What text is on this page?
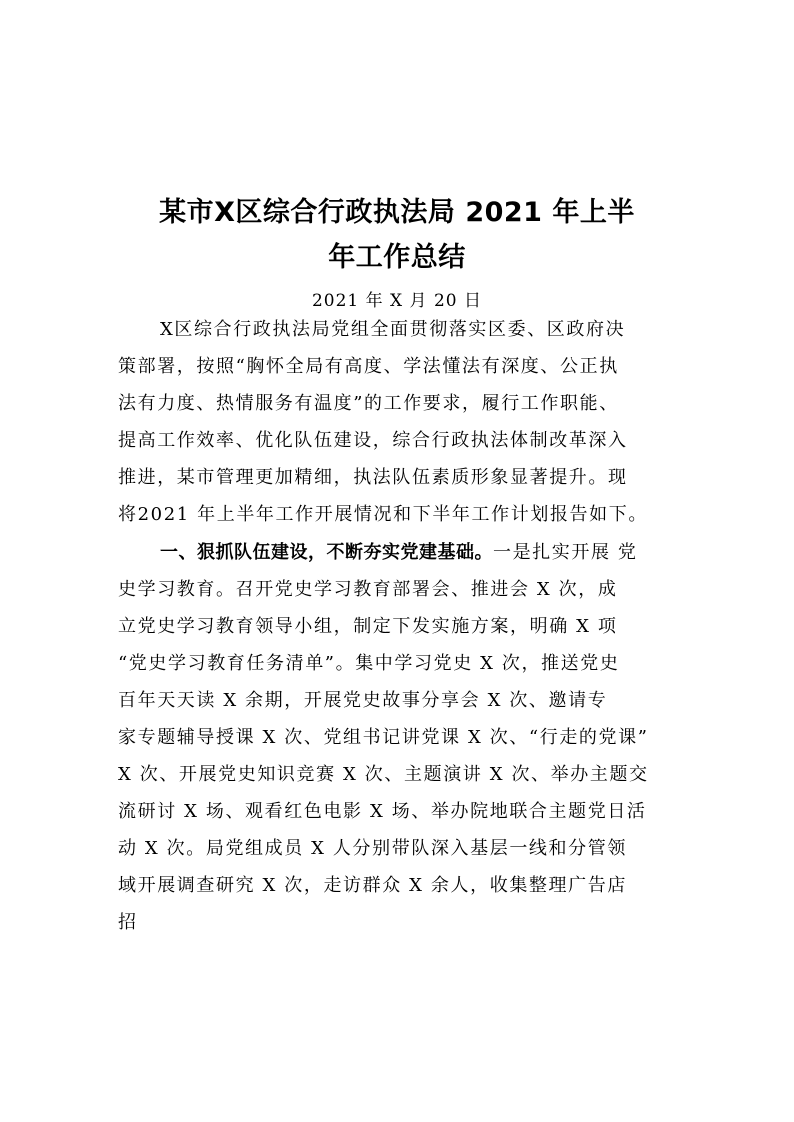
某市X区综合行政执法局 2021 年上半
年工作总结
2021 年 X 月 20 日
X区综合行政执法局党组全面贯彻落实区委、区政府决
策部署，按照“胸怀全局有高度、学法懂法有深度、公正执
法有力度、热情服务有温度”的工作要求，履行工作职能、
提高工作效率、优化队伍建设，综合行政执法体制改革深入
推进，某市管理更加精细，执法队伍素质形象显著提升。现
将2021 年上半年工作开展情况和下半年工作计划报告如下。
一、狠抓队伍建设，不断夯实党建基础。一是扎实开展 党
史学习教育。召开党史学习教育部署会、推进会 X 次，成
立党史学习教育领导小组，制定下发实施方案，明确 X 项
“党史学习教育任务清单”。集中学习党史 X 次，推送党史
百年天天读 X 余期，开展党史故事分享会 X 次、邀请专
家专题辅导授课 X 次、党组书记讲党课 X 次、“行走的党课”
X 次、开展党史知识竞赛 X 次、主题演讲 X 次、举办主题交
流研讨 X 场、观看红色电影 X 场、举办院地联合主题党日活
动 X 次。局党组成员 X 人分别带队深入基层一线和分管领
域开展调查研究 X 次，走访群众 X 余人，收集整理广告店
招
